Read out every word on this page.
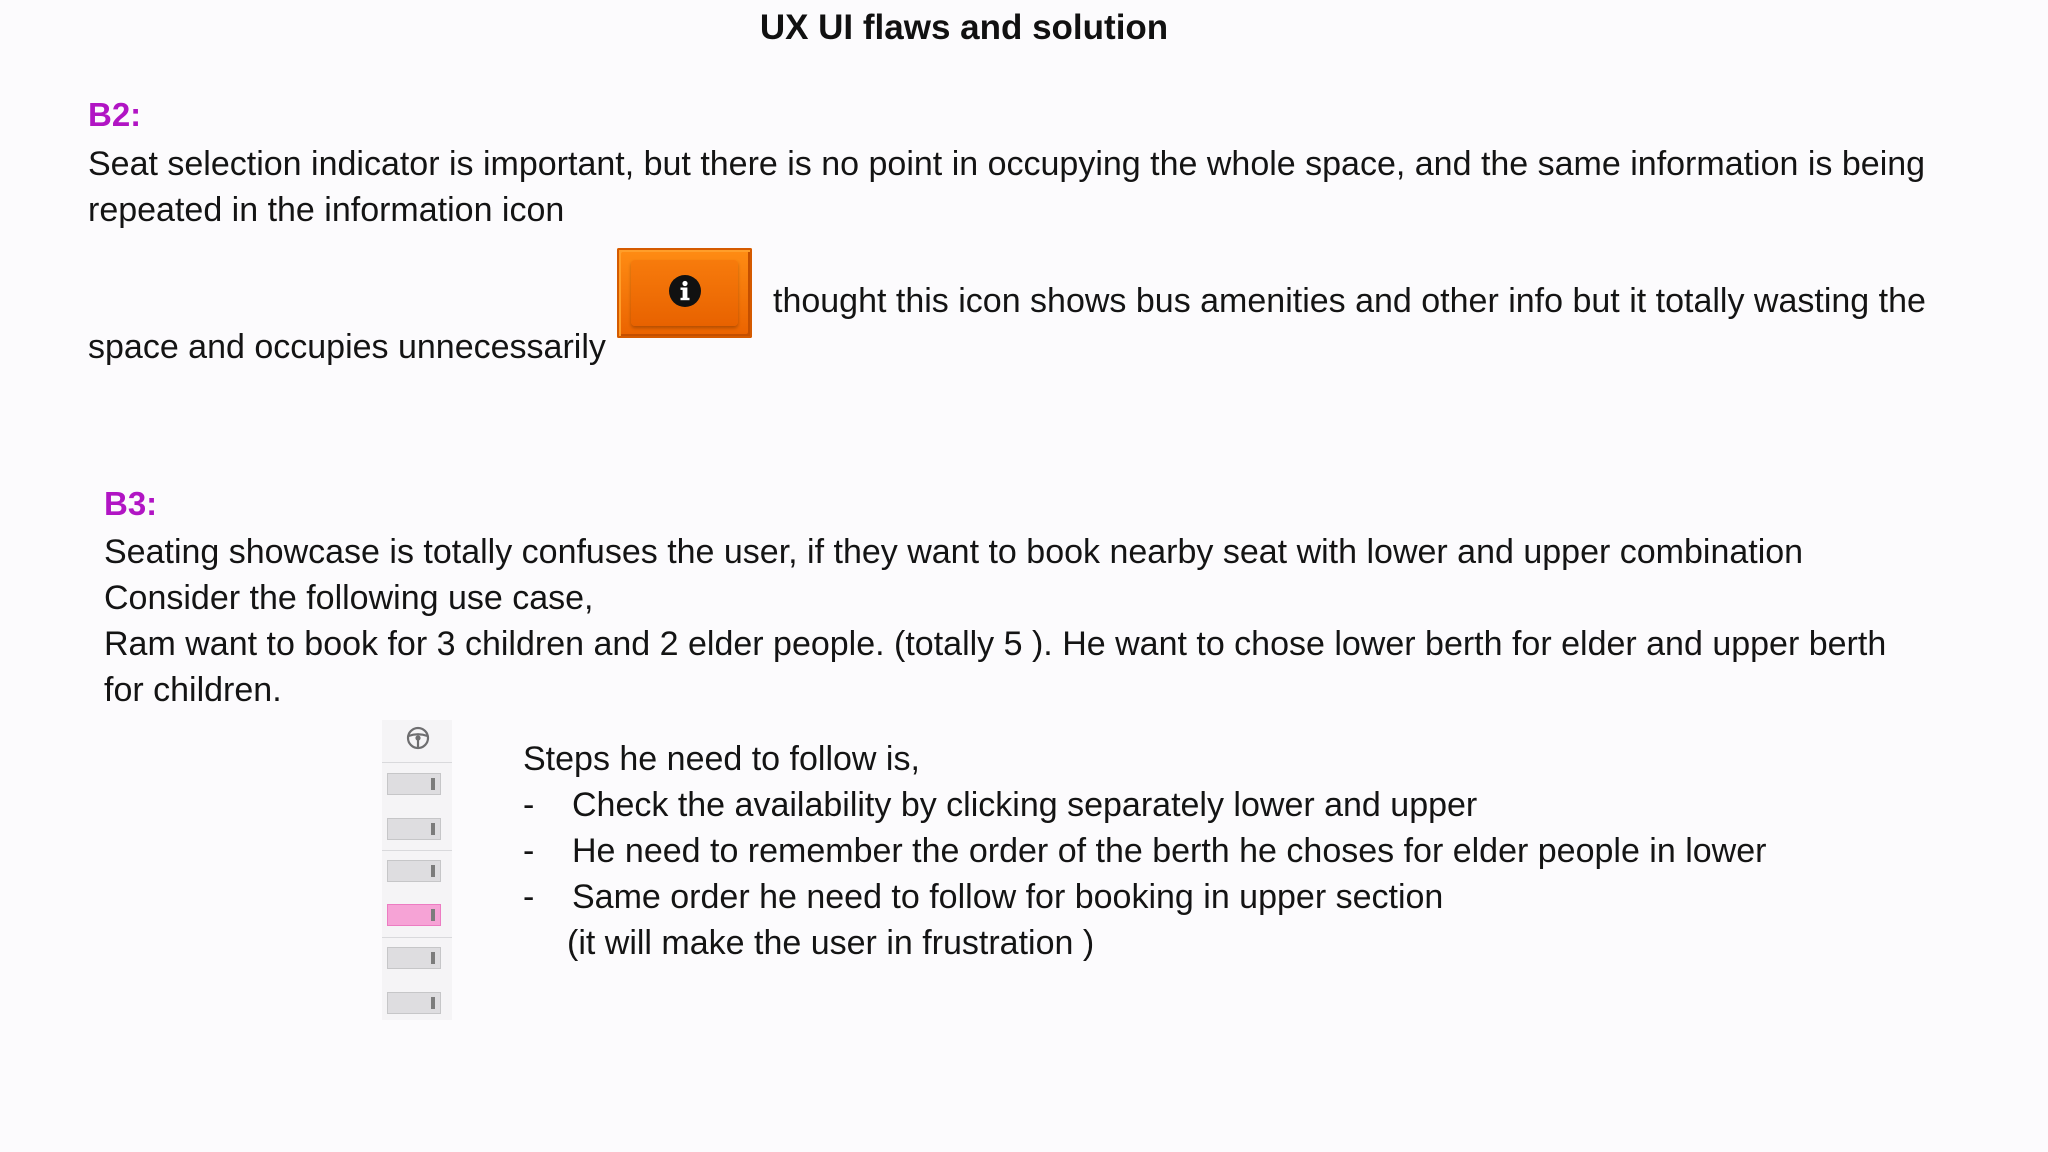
UX UI flaws and solution
B2:
Seat selection indicator is important, but there is no point in occupying the whole space, and the same information is being
repeated in the information icon
thought this icon shows bus amenities and other info but it totally wasting the
space and occupies unnecessarily
B3:
Seating showcase is totally confuses the user, if they want to book nearby seat with lower and upper combination
Consider the following use case,
Ram want to book for 3 children and 2 elder people. (totally 5 ). He want to chose lower berth for elder and upper berth
for children.
Steps he need to follow is,
- Check the availability by clicking separately lower and upper
- He need to remember the order of the berth he choses for elder people in lower
- Same order he need to follow for booking in upper section
(it will make the user in frustration )
